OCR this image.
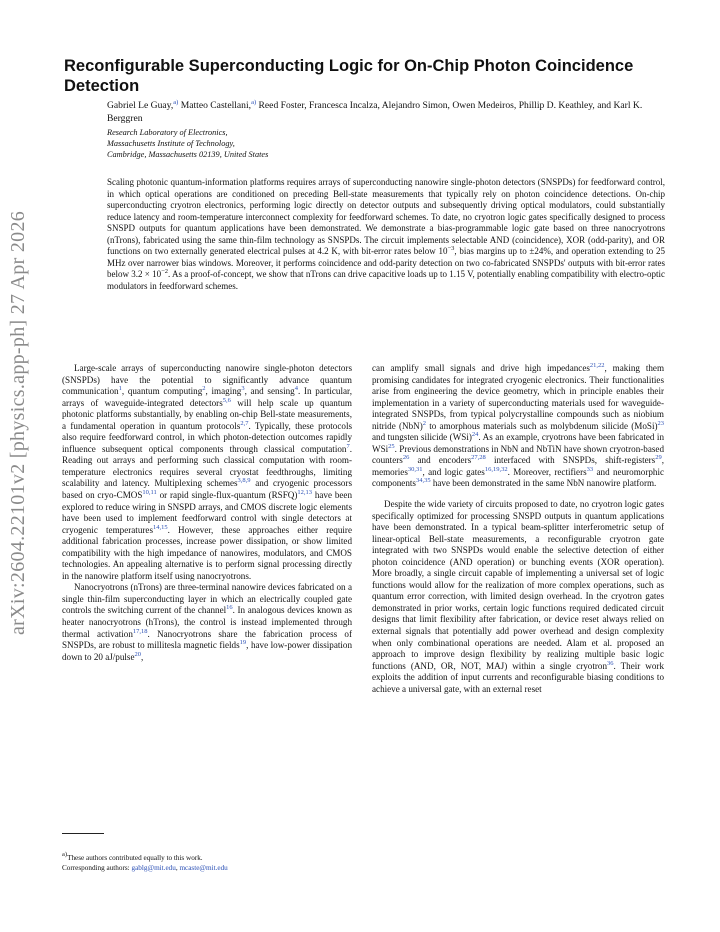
arXiv:2604.22101v2 [physics.app-ph] 27 Apr 2026
Reconfigurable Superconducting Logic for On-Chip Photon Coincidence Detection
Gabriel Le Guay,$^{a)}$ Matteo Castellani,$^{a)}$ Reed Foster, Francesca Incalza, Alejandro Simon, Owen Medeiros, Phillip D. Keathley, and Karl K. Berggren
Research Laboratory of Electronics,
Massachusetts Institute of Technology,
Cambridge, Massachusetts 02139, United States
Scaling photonic quantum-information platforms requires arrays of superconducting nanowire single-photon detectors (SNSPDs) for feedforward control, in which optical operations are conditioned on preceding Bell-state measurements that typically rely on photon coincidence detections. On-chip superconducting cryotron electronics, performing logic directly on detector outputs and subsequently driving optical modulators, could substantially reduce latency and room-temperature interconnect complexity for feedforward schemes. To date, no cryotron logic gates specifically designed to process SNSPD outputs for quantum applications have been demonstrated. We demonstrate a bias-programmable logic gate based on three nanocryotrons (nTrons), fabricated using the same thin-film technology as SNSPDs. The circuit implements selectable AND (coincidence), XOR (odd-parity), and OR functions on two externally generated electrical pulses at 4.2 K, with bit-error rates below $10^{-3}$, bias margins up to ±24%, and operation extending to 25 MHz over narrower bias windows. Moreover, it performs coincidence and odd-parity detection on two co-fabricated SNSPDs' outputs with bit-error rates below $3.2 \times 10^{-2}$. As a proof-of-concept, we show that nTrons can drive capacitive loads up to 1.15 V, potentially enabling compatibility with electro-optic modulators in feedforward schemes.

Large-scale arrays of superconducting nanowire single-photon detectors (SNSPDs) have the potential to significantly advance quantum communication$^1$, quantum computing$^2$, imaging$^3$, and sensing$^4$. In particular, arrays of waveguide-integrated detectors$^{5,6}$ will help scale up quantum photonic platforms substantially, by enabling on-chip Bell-state measurements, a fundamental operation in quantum protocols$^{2,7}$. Typically, these protocols also require feedforward control, in which photon-detection outcomes rapidly influence subsequent optical components through classical computation$^7$. Reading out arrays and performing such classical computation with room-temperature electronics requires several cryostat feedthroughs, limiting scalability and latency. Multiplexing schemes$^{3,8,9}$ and cryogenic processors based on cryo-CMOS$^{10,11}$ or rapid single-flux-quantum (RSFQ)$^{12,13}$ have been explored to reduce wiring in SNSPD arrays, and CMOS discrete logic elements have been used to implement feedforward control with single detectors at cryogenic temperatures$^{14,15}$. However, these approaches either require additional fabrication processes, increase power dissipation, or show limited compatibility with the high impedance of nanowires, modulators, and CMOS technologies. An appealing alternative is to perform signal processing directly in the nanowire platform itself using nanocryotrons.

Nanocryotrons (nTrons) are three-terminal nanowire devices fabricated on a single thin-film superconducting layer in which an electrically coupled gate controls the switching current of the channel$^{16}$. In analogous devices known as heater nanocryotrons (hTrons), the control is instead implemented through thermal activation$^{17,18}$. Nanocryotrons share the fabrication process of SNSPDs, are robust to millitesla magnetic fields$^{19}$, have low-power dissipation down to 20 aJ/pulse$^{20}$,

can amplify small signals and drive high impedances$^{21,22}$, making them promising candidates for integrated cryogenic electronics. Their functionalities arise from engineering the device geometry, which in principle enables their implementation in a variety of superconducting materials used for waveguide-integrated SNSPDs, from typical polycrystalline compounds such as niobium nitride (NbN)$^2$ to amorphous materials such as molybdenum silicide (MoSi)$^{23}$ and tungsten silicide (WSi)$^{24}$. As an example, cryotrons have been fabricated in WSi$^{25}$. Previous demonstrations in NbN and NbTiN have shown cryotron-based counters$^{26}$ and encoders$^{27,28}$ interfaced with SNSPDs, shift-registers$^{29}$, memories$^{30,31}$, and logic gates$^{16,19,32}$. Moreover, rectifiers$^{33}$ and neuromorphic components$^{34,35}$ have been demonstrated in the same NbN nanowire platform.

Despite the wide variety of circuits proposed to date, no cryotron logic gates specifically optimized for processing SNSPD outputs in quantum applications have been demonstrated. In a typical beam-splitter interferometric setup of linear-optical Bell-state measurements, a reconfigurable cryotron gate integrated with two SNSPDs would enable the selective detection of either photon coincidence (AND operation) or bunching events (XOR operation). More broadly, a single circuit capable of implementing a universal set of logic functions would allow for the realization of more complex operations, such as quantum error correction, with limited design overhead. In the cryotron gates demonstrated in prior works, certain logic functions required dedicated circuit designs that limit flexibility after fabrication, or device reset always relied on external signals that potentially add power overhead and design complexity when only combinational operations are needed. Alam et al. proposed an approach to improve design flexibility by realizing multiple basic logic functions (AND, OR, NOT, MAJ) within a single cryotron$^{36}$. Their work exploits the addition of input currents and reconfigurable biasing conditions to achieve a universal gate, with an external reset

$^{a)}$These authors contributed equally to this work.
Corresponding authors: gablg@mit.edu, mcaste@mit.edu
